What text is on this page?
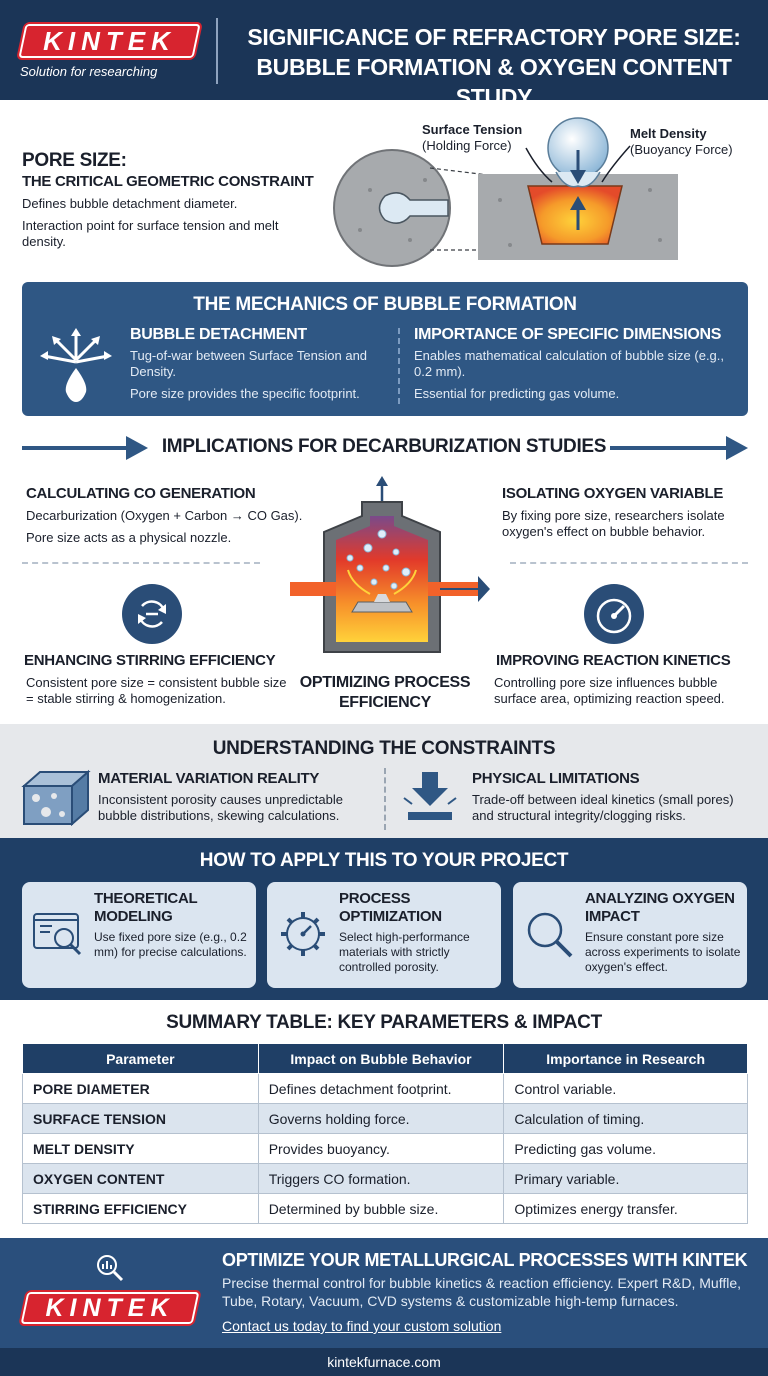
KINTEK
Solution for researching
SIGNIFICANCE OF REFRACTORY PORE SIZE:
BUBBLE FORMATION & OXYGEN CONTENT STUDY
PORE SIZE:
THE CRITICAL GEOMETRIC CONSTRAINT
Defines bubble detachment diameter.
Interaction point for surface tension and melt density.
Surface Tension
(Holding Force)
Melt Density
(Buoyancy Force)
THE MECHANICS OF BUBBLE FORMATION
BUBBLE DETACHMENT
Tug-of-war between Surface Tension and Density.
Pore size provides the specific footprint.
IMPORTANCE OF SPECIFIC DIMENSIONS
Enables mathematical calculation of bubble size (e.g., 0.2 mm).
Essential for predicting gas volume.
IMPLICATIONS FOR DECARBURIZATION STUDIES
CALCULATING CO GENERATION
Decarburization (Oxygen + Carbon → CO Gas).
Pore size acts as a physical nozzle.
ISOLATING OXYGEN VARIABLE
By fixing pore size, researchers isolate oxygen's effect on bubble behavior.
OPTIMIZING PROCESS EFFICIENCY
ENHANCING STIRRING EFFICIENCY
Consistent pore size = consistent bubble size = stable stirring & homogenization.
IMPROVING REACTION KINETICS
Controlling pore size influences bubble surface area, optimizing reaction speed.
UNDERSTANDING THE CONSTRAINTS
MATERIAL VARIATION REALITY
Inconsistent porosity causes unpredictable bubble distributions, skewing calculations.
PHYSICAL LIMITATIONS
Trade-off between ideal kinetics (small pores) and structural integrity/clogging risks.
HOW TO APPLY THIS TO YOUR PROJECT
THEORETICAL MODELING
Use fixed pore size (e.g., 0.2 mm) for precise calculations.
PROCESS OPTIMIZATION
Select high-performance materials with strictly controlled porosity.
ANALYZING OXYGEN IMPACT
Ensure constant pore size across experiments to isolate oxygen's effect.
SUMMARY TABLE: KEY PARAMETERS & IMPACT
Parameter	Impact on Bubble Behavior	Importance in Research
PORE DIAMETER	Defines detachment footprint.	Control variable.
SURFACE TENSION	Governs holding force.	Calculation of timing.
MELT DENSITY	Provides buoyancy.	Predicting gas volume.
OXYGEN CONTENT	Triggers CO formation.	Primary variable.
STIRRING EFFICIENCY	Determined by bubble size.	Optimizes energy transfer.
KINTEK
OPTIMIZE YOUR METALLURGICAL PROCESSES WITH KINTEK
Precise thermal control for bubble kinetics & reaction efficiency. Expert R&D, Muffle, Tube, Rotary, Vacuum, CVD systems & customizable high-temp furnaces.
Contact us today to find your custom solution
kintekfurnace.com
